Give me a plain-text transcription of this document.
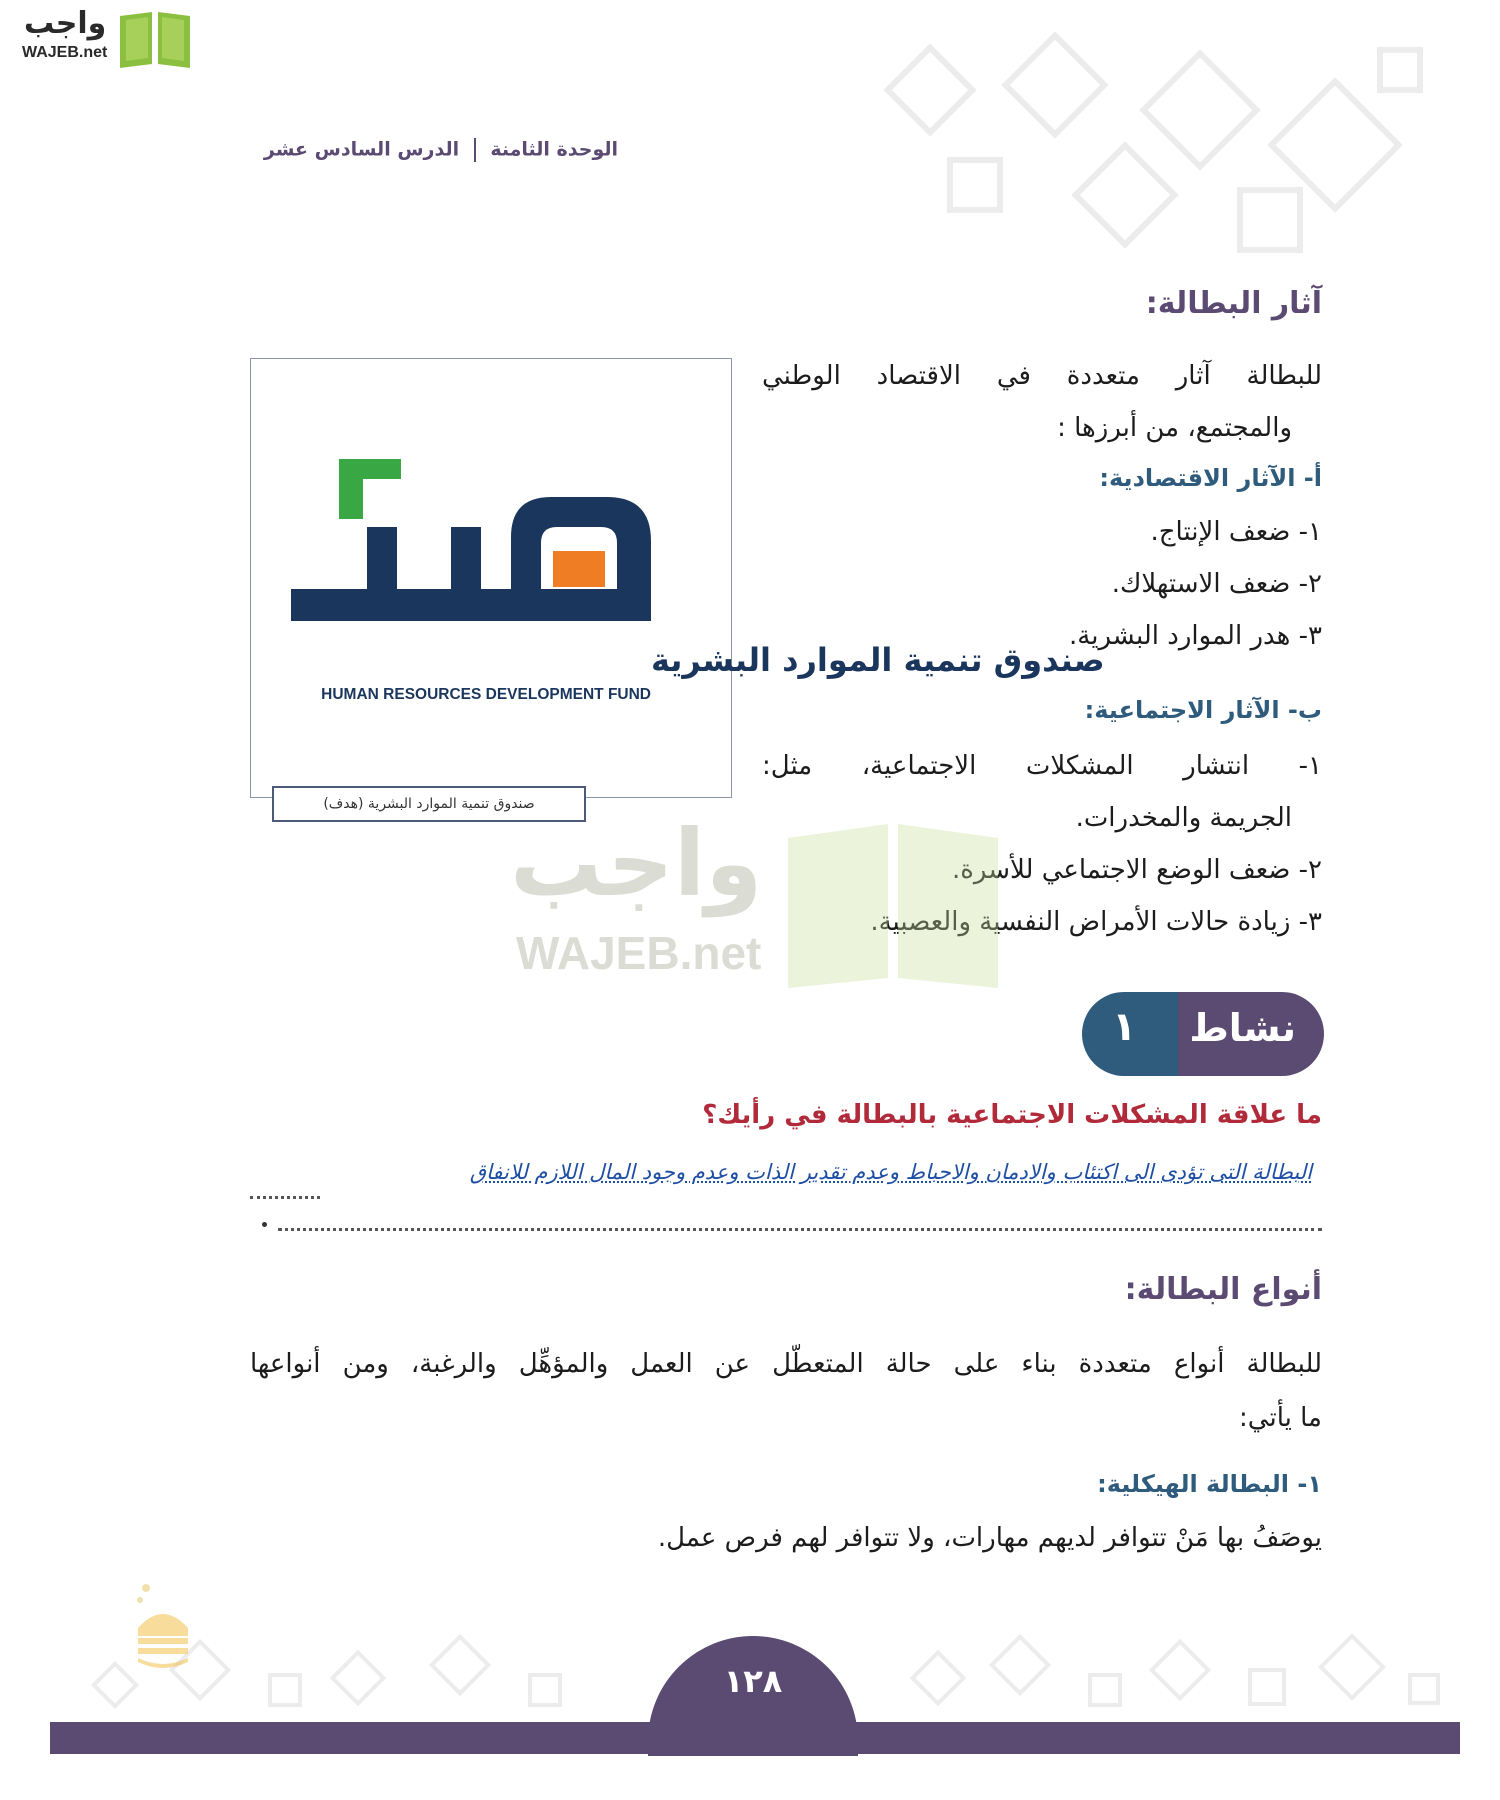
واجب
WAJEB.net
الوحدة الثامنة  الدرس السادس عشر
آثار البطالة:
للبطالة آثار متعددة في الاقتصاد الوطني
والمجتمع، من أبرزها :
أ- الآثار الاقتصادية:
١- ضعف الإنتاج.
٢- ضعف الاستهلاك.
٣- هدر الموارد البشرية.
ب- الآثار الاجتماعية:
١- انتشار المشكلات الاجتماعية، مثل:
الجريمة والمخدرات.
٢- ضعف الوضع الاجتماعي للأسرة.
٣- زيادة حالات الأمراض النفسية والعصبية.
صندوق تنمية الموارد البشرية
HUMAN RESOURCES DEVELOPMENT FUND
صندوق تنمية الموارد البشرية (هدف)
واجب
WAJEB.net
نشاط
١
ما علاقة المشكلات الاجتماعية بالبطالة في رأيك؟
البطالة التى تؤدى الى اكتئاب والادمان والاحباط وعدم تقدير الذات وعدم وجود المال اللازم للانفاق
أنواع البطالة:
للبطالة أنواع متعددة بناء على حالة المتعطّل عن العمل والمؤهِّل والرغبة، ومن أنواعها
ما يأتي:
١- البطالة الهيكلية:
يوصَفُ بها مَنْ تتوافر لديهم مهارات، ولا تتوافر لهم فرص عمل.
١٢٨
